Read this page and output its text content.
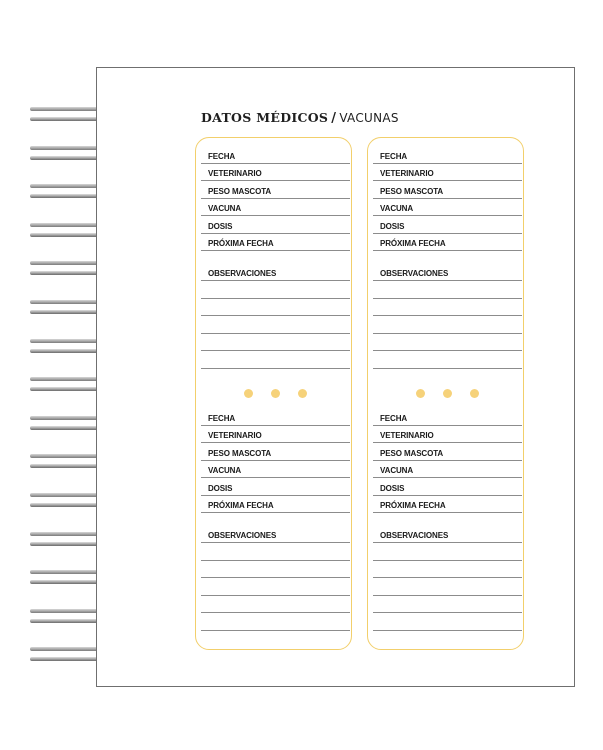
DATOS MÉDICOS / VACUNAS
FECHA
VETERINARIO
PESO MASCOTA
VACUNA
DOSIS
PRÓXIMA FECHA
OBSERVACIONES
FECHA
VETERINARIO
PESO MASCOTA
VACUNA
DOSIS
PRÓXIMA FECHA
OBSERVACIONES
FECHA
VETERINARIO
PESO MASCOTA
VACUNA
DOSIS
PRÓXIMA FECHA
OBSERVACIONES
FECHA
VETERINARIO
PESO MASCOTA
VACUNA
DOSIS
PRÓXIMA FECHA
OBSERVACIONES
